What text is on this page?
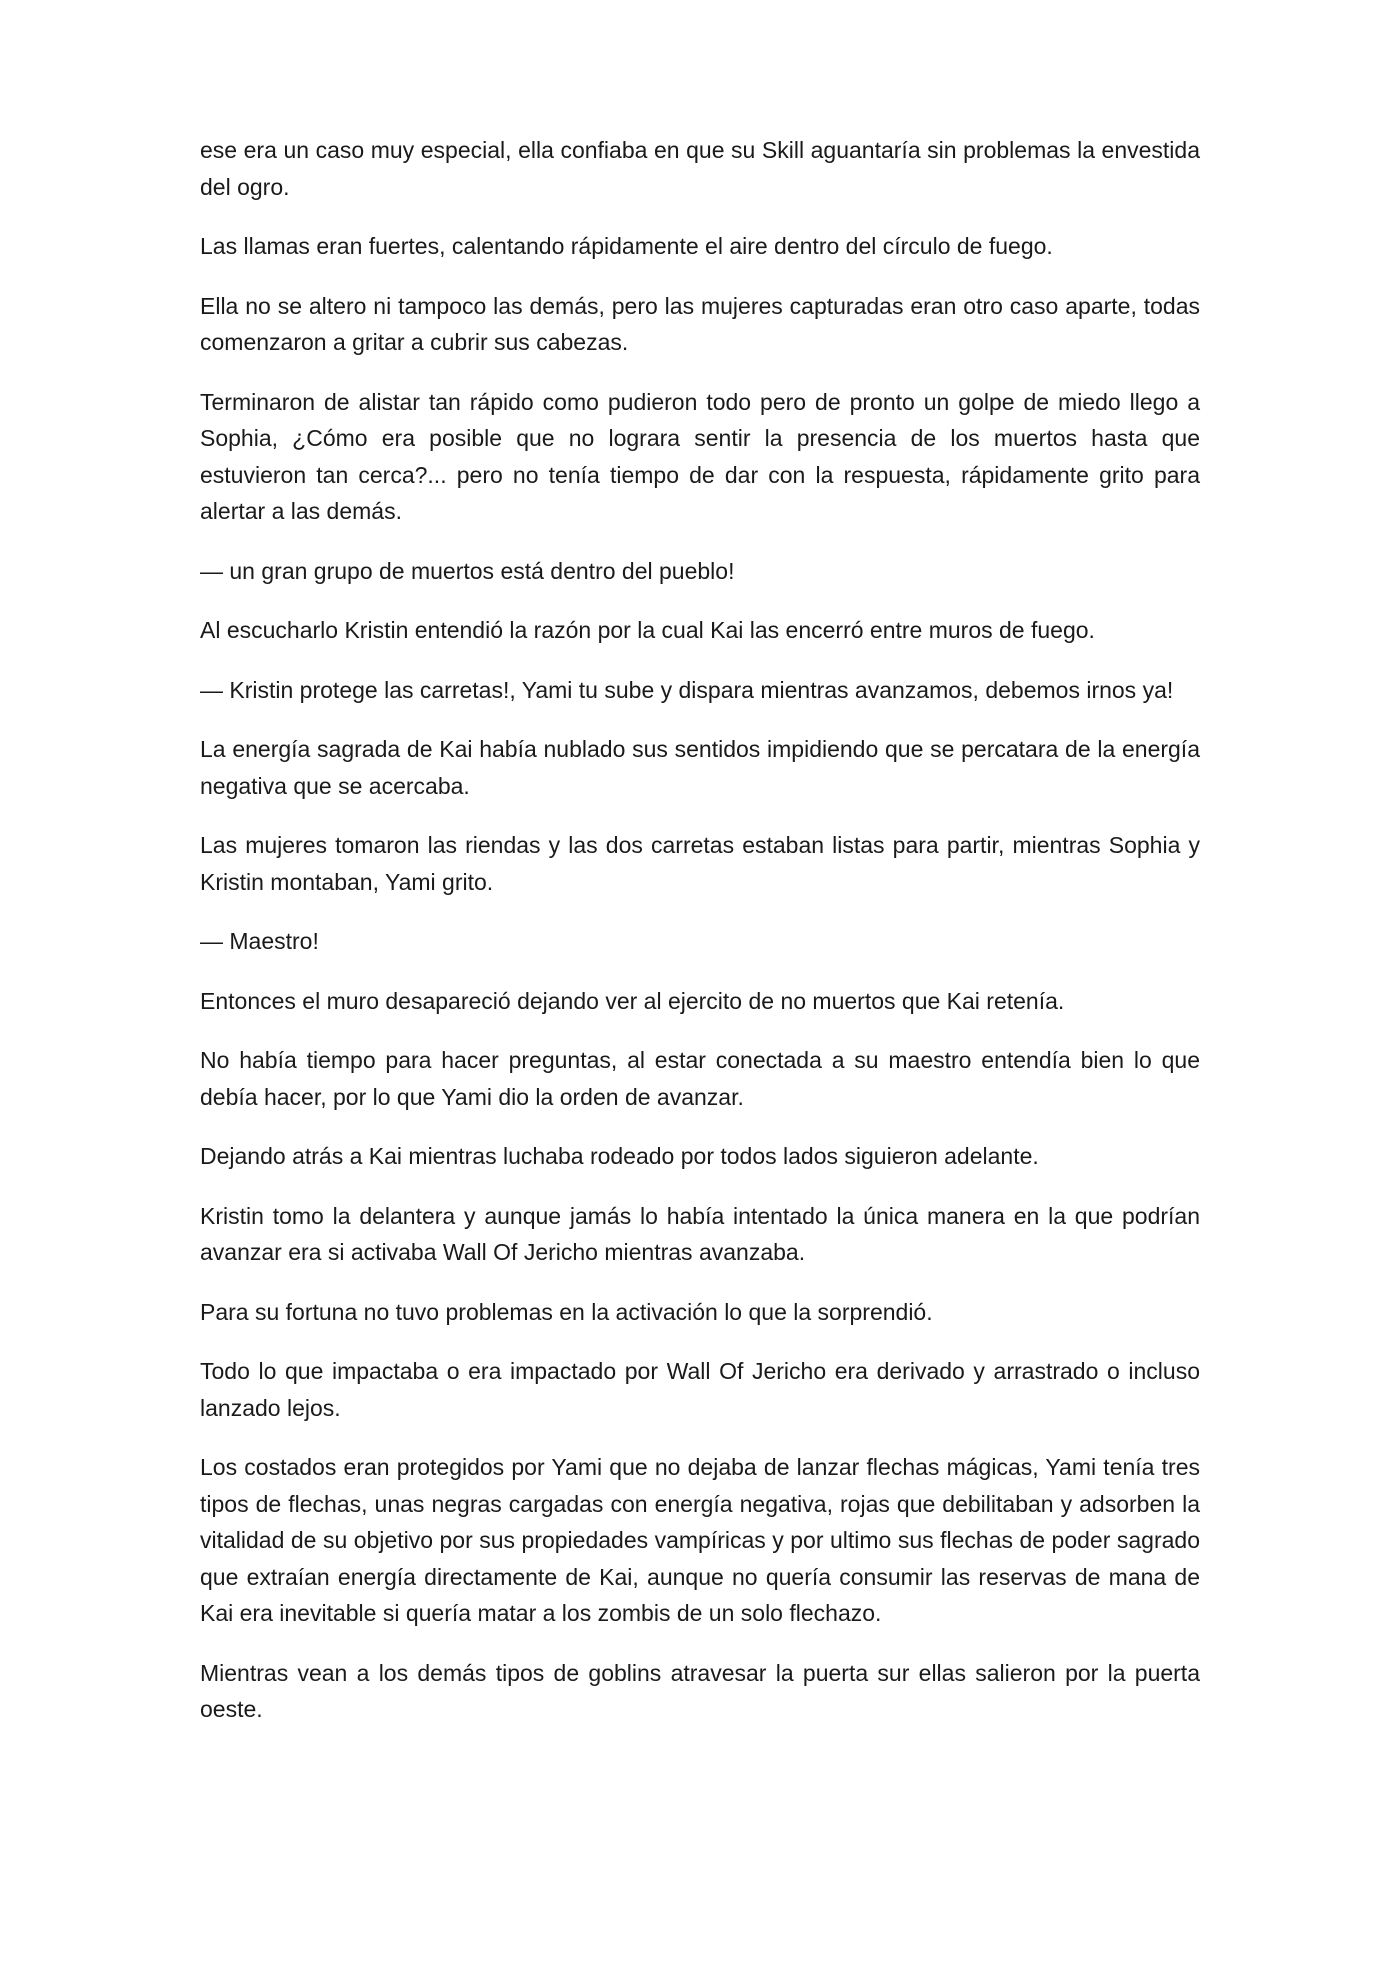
ese era un caso muy especial, ella confiaba en que su Skill aguantaría sin problemas la envestida del ogro.

Las llamas eran fuertes, calentando rápidamente el aire dentro del círculo de fuego.

Ella no se altero ni tampoco las demás, pero las mujeres capturadas eran otro caso aparte, todas comenzaron a gritar a cubrir sus cabezas.

Terminaron de alistar tan rápido como pudieron todo pero de pronto un golpe de miedo llego a Sophia, ¿Cómo era posible que no lograra sentir la presencia de los muertos hasta que estuvieron tan cerca?... pero no tenía tiempo de dar con la respuesta, rápidamente grito para alertar a las demás.

— un gran grupo de muertos está dentro del pueblo!

Al escucharlo Kristin entendió la razón por la cual Kai las encerró entre muros de fuego.

— Kristin protege las carretas!, Yami tu sube y dispara mientras avanzamos, debemos irnos ya!

La energía sagrada de Kai había nublado sus sentidos impidiendo que se percatara de la energía negativa que se acercaba.

Las mujeres tomaron las riendas y las dos carretas estaban listas para partir, mientras Sophia y Kristin montaban, Yami grito.

— Maestro!

Entonces el muro desapareció dejando ver al ejercito de no muertos que Kai retenía.

No había tiempo para hacer preguntas, al estar conectada a su maestro entendía bien lo que debía hacer, por lo que Yami dio la orden de avanzar.

Dejando atrás a Kai mientras luchaba rodeado por todos lados siguieron adelante.

Kristin tomo la delantera y aunque jamás lo había intentado la única manera en la que podrían avanzar era si activaba Wall Of Jericho mientras avanzaba.

Para su fortuna no tuvo problemas en la activación lo que la sorprendió.

Todo lo que impactaba o era impactado por Wall Of Jericho era derivado y arrastrado o incluso lanzado lejos.

Los costados eran protegidos por Yami que no dejaba de lanzar flechas mágicas, Yami tenía tres tipos de flechas, unas negras cargadas con energía negativa, rojas que debilitaban y adsorben la vitalidad de su objetivo por sus propiedades vampíricas y por ultimo sus flechas de poder sagrado que extraían energía directamente de Kai, aunque no quería consumir las reservas de mana de Kai era inevitable si quería matar a los zombis de un solo flechazo.

Mientras vean a los demás tipos de goblins atravesar la puerta sur ellas salieron por la puerta oeste.
